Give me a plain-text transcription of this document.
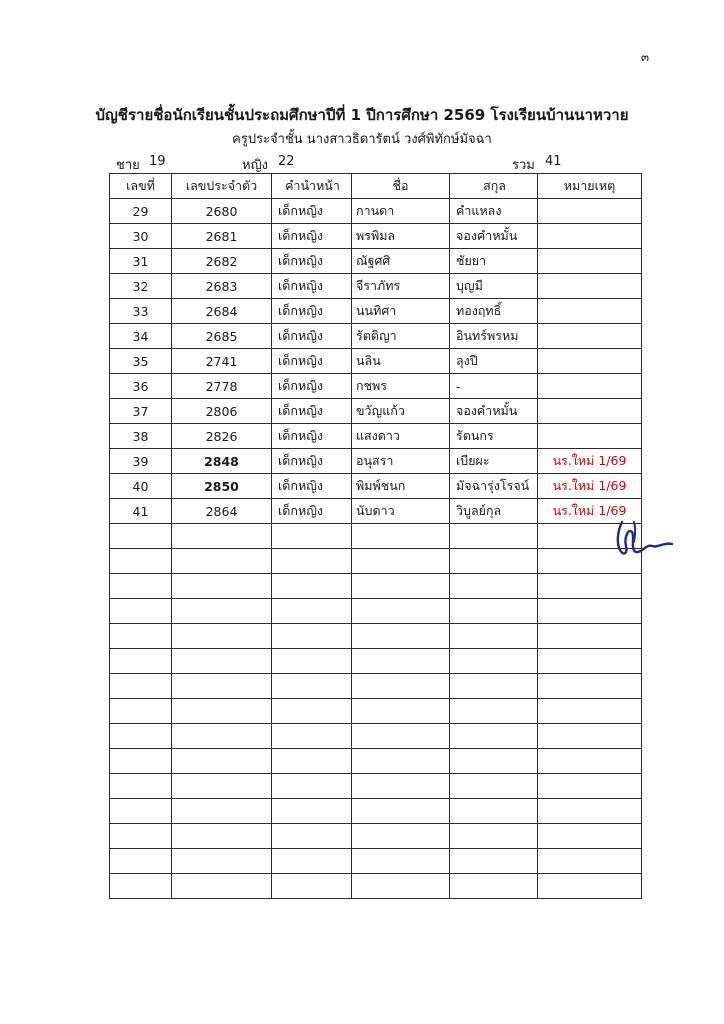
๓
บัญชีรายชื่อนักเรียนชั้นประถมศึกษาปีที่ 1 ปีการศึกษา 2569 โรงเรียนบ้านนาหวาย
ครูประจำชั้น นางสาวธิดารัตน์ วงศ์พิทักษ์มัจฉา
ชาย 19	หญิง 22	รวม 41
เลขที่	เลขประจำตัว	คำนำหน้า	ชื่อ	สกุล	หมายเหตุ
29	2680	เด็กหญิง	กานดา	คำแหลง	
30	2681	เด็กหญิง	พรพิมล	จองคำหมั้น	
31	2682	เด็กหญิง	ณัฐศศิ	ชัยยา	
32	2683	เด็กหญิง	จีราภัทร	บุญมี	
33	2684	เด็กหญิง	นนทิศา	ทองฤทธิ์	
34	2685	เด็กหญิง	รัตติญา	อินทร์พรหม	
35	2741	เด็กหญิง	นลิน	ลุงปี	
36	2778	เด็กหญิง	กชพร	-	
37	2806	เด็กหญิง	ขวัญแก้ว	จองคำหมั้น	
38	2826	เด็กหญิง	แสงดาว	รัตนกร	
39	2848	เด็กหญิง	อนุสรา	เบียผะ	นร.ใหม่ 1/69
40	2850	เด็กหญิง	พิมพ์ชนก	มัจฉารุ่งโรจน์	นร.ใหม่ 1/69
41	2864	เด็กหญิง	นับดาว	วิบูลย์กุล	นร.ใหม่ 1/69
